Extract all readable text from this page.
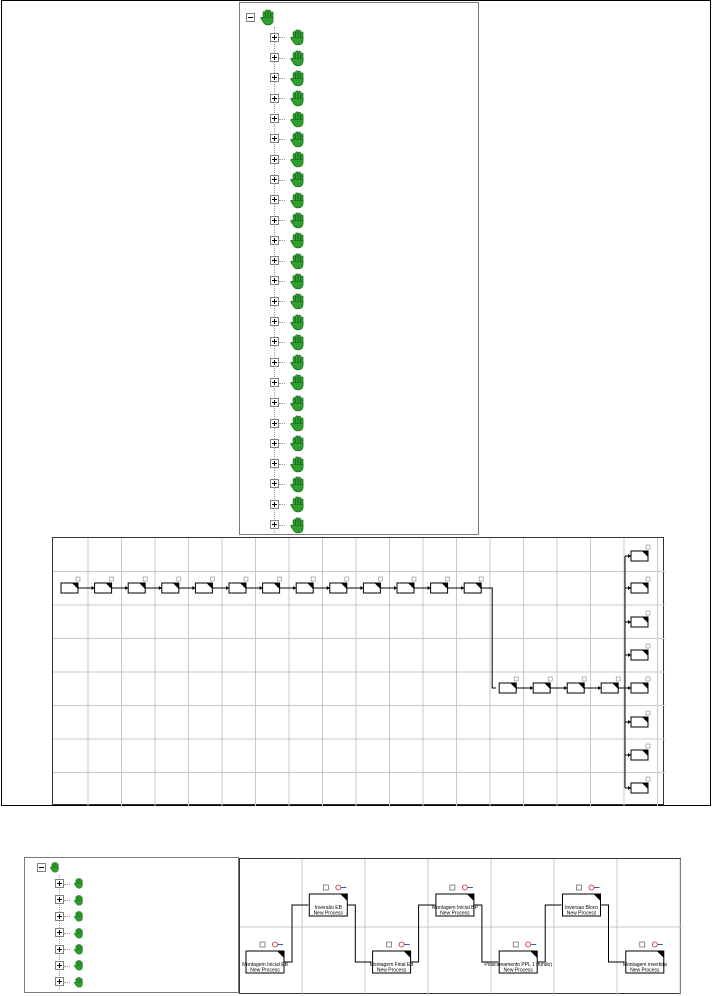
Montagem Inicial EB
New Process
Inversão EB
New Process
Montagem Final EB
New Process
Montagem Inicial BP
New Process
Posicionamento PPL 1 (fundo)
New Process
Inversao Bloco
New Process
Montagem invertida
New Process
